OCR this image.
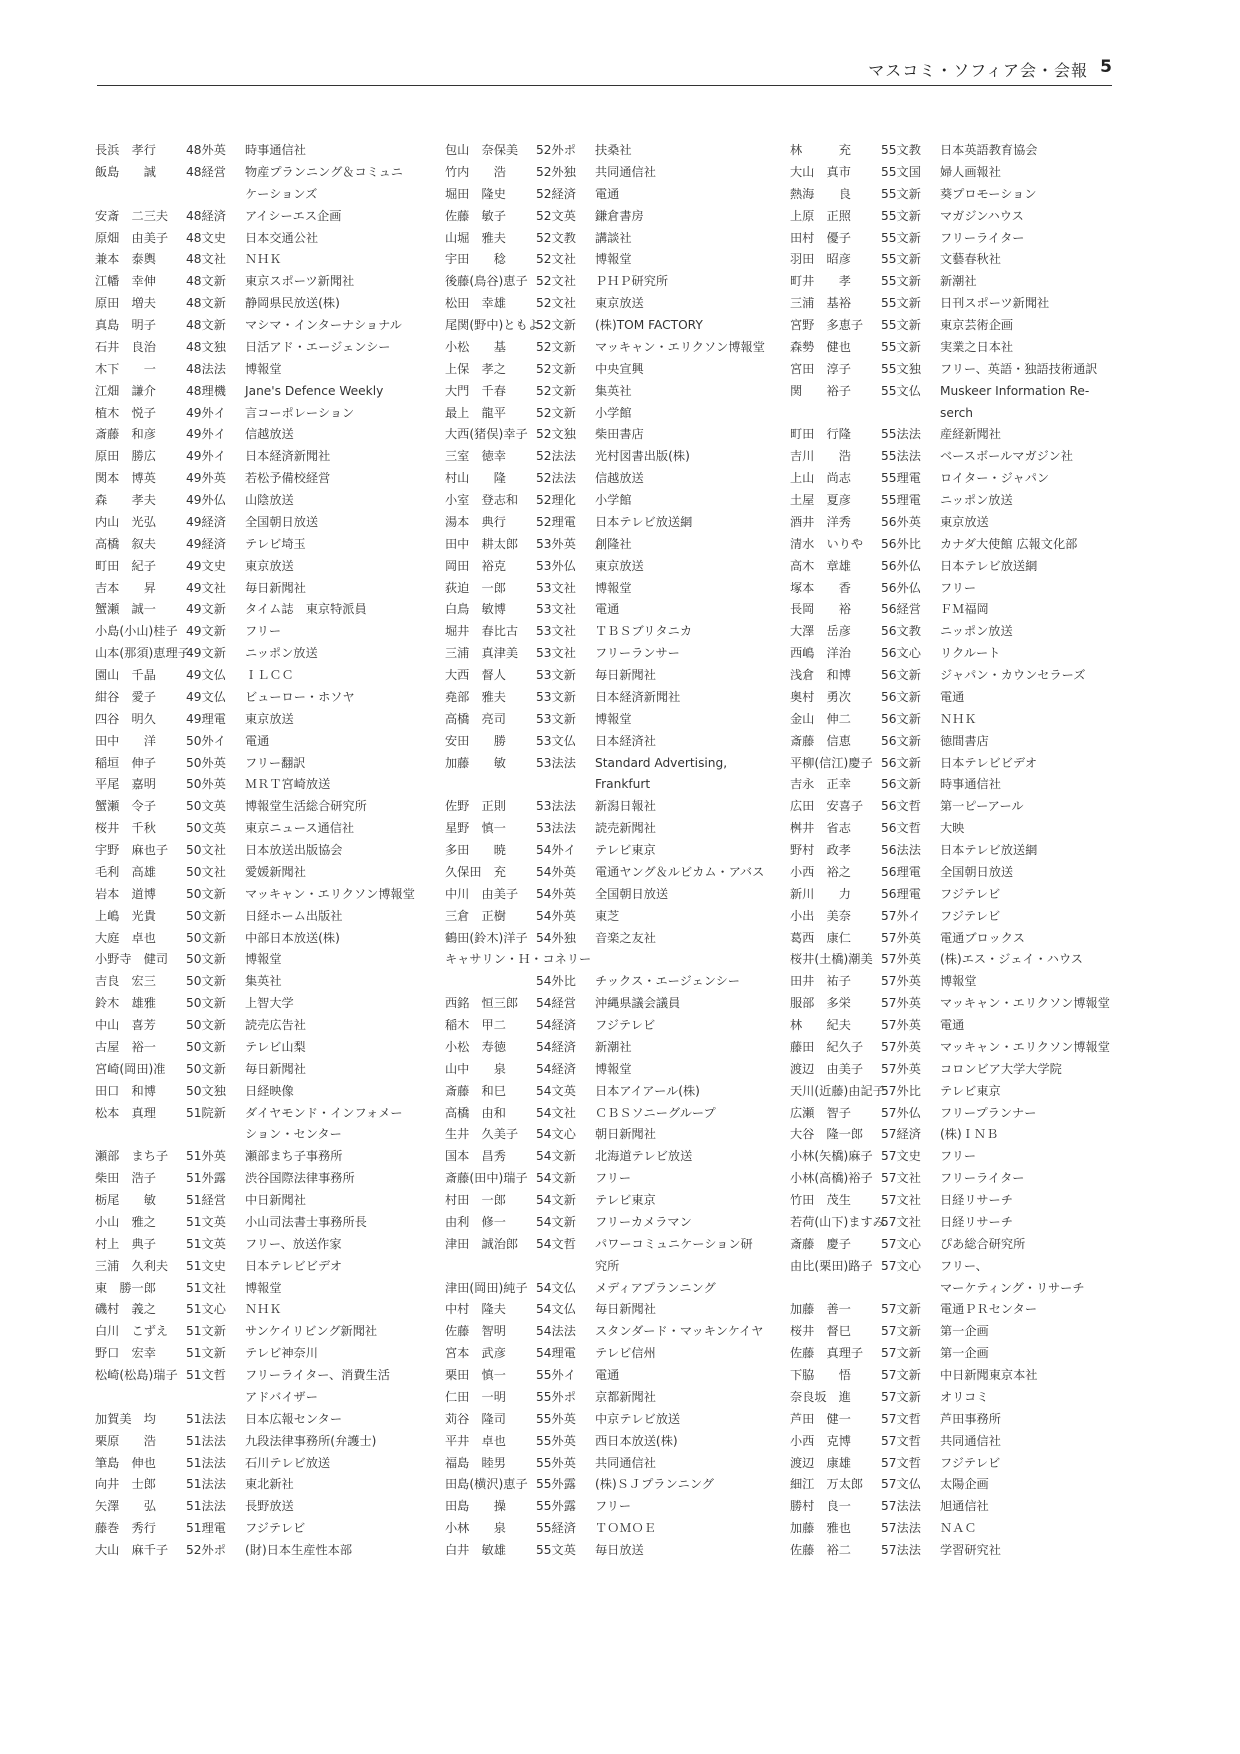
マスコミ・ソフィア会・会報 5
長浜　孝行 48外英 時事通信社
飯島　　誠 48経営 物産プランニング＆コミュニ
ケーションズ
安斎　二三夫 48経済 アイシーエス企画
原畑　由美子 48文史 日本交通公社
兼本　泰輿 48文社 ＮＨＫ
江幡　幸伸 48文新 東京スポーツ新聞社
原田　増夫 48文新 静岡県民放送(株)
真島　明子 48文新 マシマ・インターナショナル
石井　良治 48文独 日活アド・エージェンシー
木下　　一 48法法 博報堂
江畑　謙介 48理機 Jane's Defence Weekly
植木　悦子 49外イ 言コーポレーション
斎藤　和彦 49外イ 信越放送
原田　勝広 49外イ 日本経済新聞社
関本　博英 49外英 若松予備校経営
森　　孝夫 49外仏 山陰放送
内山　光弘 49経済 全国朝日放送
高橋　叙夫 49経済 テレビ埼玉
町田　紀子 49文史 東京放送
吉本　　昇 49文社 毎日新聞社
蟹瀬　誠一 49文新 タイム誌　東京特派員
小島(小山)桂子 49文新 フリー
山本(那須)恵理子
49文新 ニッポン放送
園山　千晶 49文仏 ＩＬＣＣ
紺谷　愛子 49文仏 ビューロー・ホソヤ
四谷　明久 49理電 東京放送
田中　　洋 50外イ 電通
稲垣　伸子 50外英 フリー翻訳
平尾　嘉明 50外英 ＭＲＴ宮崎放送
蟹瀬　令子 50文英 博報堂生活総合研究所
桜井　千秋 50文英 東京ニュース通信社
宇野　麻也子 50文社 日本放送出版協会
毛利　高雄 50文社 愛媛新聞社
岩本　道博 50文新 マッキャン・エリクソン博報堂
上嶋　光貴 50文新 日経ホーム出版社
大庭　卓也 50文新 中部日本放送(株)
小野寺　健司 50文新 博報堂
吉良　宏三 50文新 集英社
鈴木　雄雅 50文新 上智大学
中山　喜芳 50文新 読売広告社
古屋　裕一 50文新 テレビ山梨
宮崎(岡田)准 50文新 毎日新聞社
田口　和博 50文独 日経映像
松本　真理 51院新 ダイヤモンド・インフォメー
ション・センター
瀬部　まち子 51外英 瀬部まち子事務所
柴田　浩子 51外露 渋谷国際法律事務所
栃尾　　敏 51経営 中日新聞社
小山　雅之 51文英 小山司法書士事務所長
村上　典子 51文英 フリー、放送作家
三浦　久利夫 51文史 日本テレビビデオ
東　勝一郎 51文社 博報堂
磯村　義之 51文心 ＮＨＫ
白川　こずえ 51文新 サンケイリビング新聞社
野口　宏幸 51文新 テレビ神奈川
松崎(松島)瑞子 51文哲 フリーライター、消費生活
アドバイザー
加賀美　均 51法法 日本広報センター
栗原　　浩 51法法 九段法律事務所(弁護士)
筆島　伸也 51法法 石川テレビ放送
向井　士郎 51法法 東北新社
矢澤　　弘 51法法 長野放送
藤巻　秀行 51理電 フジテレビ
大山　麻千子 52外ポ (財)日本生産性本部
包山　奈保美 52外ポ 扶桑社
竹内　　浩 52外独 共同通信社
堀田　隆史 52経済 電通
佐藤　敏子 52文英 鎌倉書房
山堀　雅夫 52文教 講談社
宇田　　稔 52文社 博報堂
後藤(鳥谷)恵子 52文社 ＰＨＰ研究所
松田　幸雄 52文社 東京放送
尾関(野中)ともよ
52文新 (株)TOM FACTORY
小松　　基 52文新 マッキャン・エリクソン博報堂
上保　孝之 52文新 中央宣興
大門　千春 52文新 集英社
最上　龍平 52文新 小学館
大西(猪俣)幸子 52文独 柴田書店
三室　徳幸 52法法 光村図書出版(株)
村山　　隆 52法法 信越放送
小室　登志和 52理化 小学館
湯本　典行 52理電 日本テレビ放送網
田中　耕太郎 53外英 創隆社
岡田　裕克 53外仏 東京放送
荻迫　一郎 53文社 博報堂
白鳥　敏博 53文社 電通
堀井　春比古 53文社 ＴＢＳブリタニカ
三浦　真津美 53文社 フリーランサー
大西　督人 53文新 毎日新聞社
堯部　雅夫 53文新 日本経済新聞社
高橋　亮司 53文新 博報堂
安田　　勝 53文仏 日本経済社
加藤　　敏 53法法 Standard Advertising,
Frankfurt
佐野　正則 53法法 新潟日報社
星野　慎一 53法法 読売新聞社
多田　　暁 54外イ テレビ東京
久保田　充 54外英 電通ヤング＆ルビカム・アバス
中川　由美子 54外英 全国朝日放送
三倉　正樹 54外英 東芝
鶴田(鈴木)洋子 54外独 音楽之友社
キャサリン・Ｈ・コネリー
54外比 チックス・エージェンシー
西銘　恒三郎 54経営 沖縄県議会議員
稲木　甲二 54経済 フジテレビ
小松　寿徳 54経済 新潮社
山中　　泉 54経済 博報堂
斎藤　和巳 54文英 日本アイアール(株)
高橋　由和 54文社 ＣＢＳソニーグループ
生井　久美子 54文心 朝日新聞社
国本　昌秀 54文新 北海道テレビ放送
斎藤(田中)瑞子 54文新 フリー
村田　一郎 54文新 テレビ東京
由利　修一 54文新 フリーカメラマン
津田　誠治郎 54文哲 パワーコミュニケーション研
究所
津田(岡田)純子 54文仏 メディアプランニング
中村　隆夫 54文仏 毎日新聞社
佐藤　智明 54法法 スタンダード・マッキンケイヤ
宮本　武彦 54理電 テレビ信州
栗田　慎一 55外イ 電通
仁田　一明 55外ポ 京都新聞社
苅谷　隆司 55外英 中京テレビ放送
平井　卓也 55外英 西日本放送(株)
福島　睦男 55外英 共同通信社
田島(横沢)恵子 55外露 (株)ＳＪプランニング
田島　　操 55外露 フリー
小林　　泉 55経済 ＴＯＭＯＥ
白井　敏雄 55文英 毎日放送
林　　　充 55文教 日本英語教育協会
大山　真市 55文国 婦人画報社
熱海　　良 55文新 葵プロモーション
上原　正照 55文新 マガジンハウス
田村　優子 55文新 フリーライター
羽田　昭彦 55文新 文藝春秋社
町井　　孝 55文新 新潮社
三浦　基裕 55文新 日刊スポーツ新聞社
宮野　多恵子 55文新 東京芸術企画
森勢　健也 55文新 実業之日本社
宮田　淳子 55文独 フリー、英語・独語技術通訳
関　　裕子 55文仏 Muskeer Information Re-
serch
町田　行隆 55法法 産経新聞社
吉川　　浩 55法法 ベースボールマガジン社
上山　尚志 55理電 ロイター・ジャパン
土屋　夏彦 55理電 ニッポン放送
酒井　洋秀 56外英 東京放送
清水　いりや 56外比 カナダ大使館 広報文化部
高木　章雄 56外仏 日本テレビ放送網
塚本　　香 56外仏 フリー
長岡　　裕 56経営 ＦＭ福岡
大澤　岳彦 56文教 ニッポン放送
西嶋　洋治 56文心 リクルート
浅倉　和博 56文新 ジャパン・カウンセラーズ
奥村　勇次 56文新 電通
金山　伸二 56文新 ＮＨＫ
斎藤　信恵 56文新 徳間書店
平柳(信江)慶子 56文新 日本テレビビデオ
吉永　正幸 56文新 時事通信社
広田　安喜子 56文哲 第一ピーアール
桝井　省志 56文哲 大映
野村　政孝 56法法 日本テレビ放送網
小西　裕之 56理電 全国朝日放送
新川　　力 56理電 フジテレビ
小出　美奈 57外イ フジテレビ
葛西　康仁 57外英 電通ブロックス
桜井(土橋)潮美 57外英 (株)エス・ジェイ・ハウス
田井　祐子 57外英 博報堂
服部　多栄 57外英 マッキャン・エリクソン博報堂
林　　紀夫 57外英 電通
藤田　紀久子 57外英 マッキャン・エリクソン博報堂
渡辺　由美子 57外英 コロンビア大学大学院
天川(近藤)由記子
57外比 テレビ東京
広瀬　智子 57外仏 フリープランナー
大谷　隆一郎 57経済 (株)ＩＮＢ
小林(矢橋)麻子 57文史 フリー
小林(高橋)裕子 57文社 フリーライター
竹田　茂生 57文社 日経リサーチ
若荷(山下)ますみ
57文社 日経リサーチ
斎藤　慶子 57文心 ぴあ総合研究所
由比(栗田)路子 57文心 フリー、
マーケティング・リサーチ
加藤　善一 57文新 電通ＰＲセンター
桜井　督巳 57文新 第一企画
佐藤　真理子 57文新 第一企画
下脇　　悟 57文新 中日新聞東京本社
奈良坂　進 57文新 オリコミ
芦田　健一 57文哲 芦田事務所
小西　克博 57文哲 共同通信社
渡辺　康雄 57文哲 フジテレビ
細江　万太郎 57文仏 太陽企画
勝村　良一 57法法 旭通信社
加藤　雅也 57法法 ＮＡＣ
佐藤　裕二 57法法 学習研究社
